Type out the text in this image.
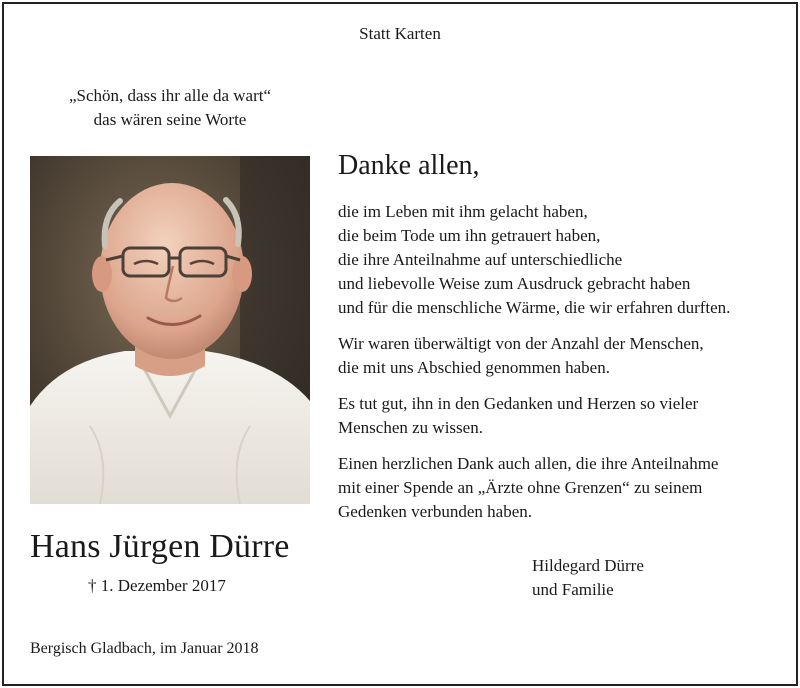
Statt Karten
„Schön, dass ihr alle da wart“
das wären seine Worte
Hans Jürgen Dürre
† 1. Dezember 2017
Danke allen,

die im Leben mit ihm gelacht haben,
die beim Tode um ihn getrauert haben,
die ihre Anteilnahme auf unterschiedliche
und liebevolle Weise zum Ausdruck gebracht haben
und für die menschliche Wärme, die wir erfahren durften.

Wir waren überwältigt von der Anzahl der Menschen,
die mit uns Abschied genommen haben.

Es tut gut, ihn in den Gedanken und Herzen so vieler
Menschen zu wissen.

Einen herzlichen Dank auch allen, die ihre Anteilnahme
mit einer Spende an „Ärzte ohne Grenzen“ zu seinem
Gedenken verbunden haben.

Hildegard Dürre
und Familie
Bergisch Gladbach, im Januar 2018
